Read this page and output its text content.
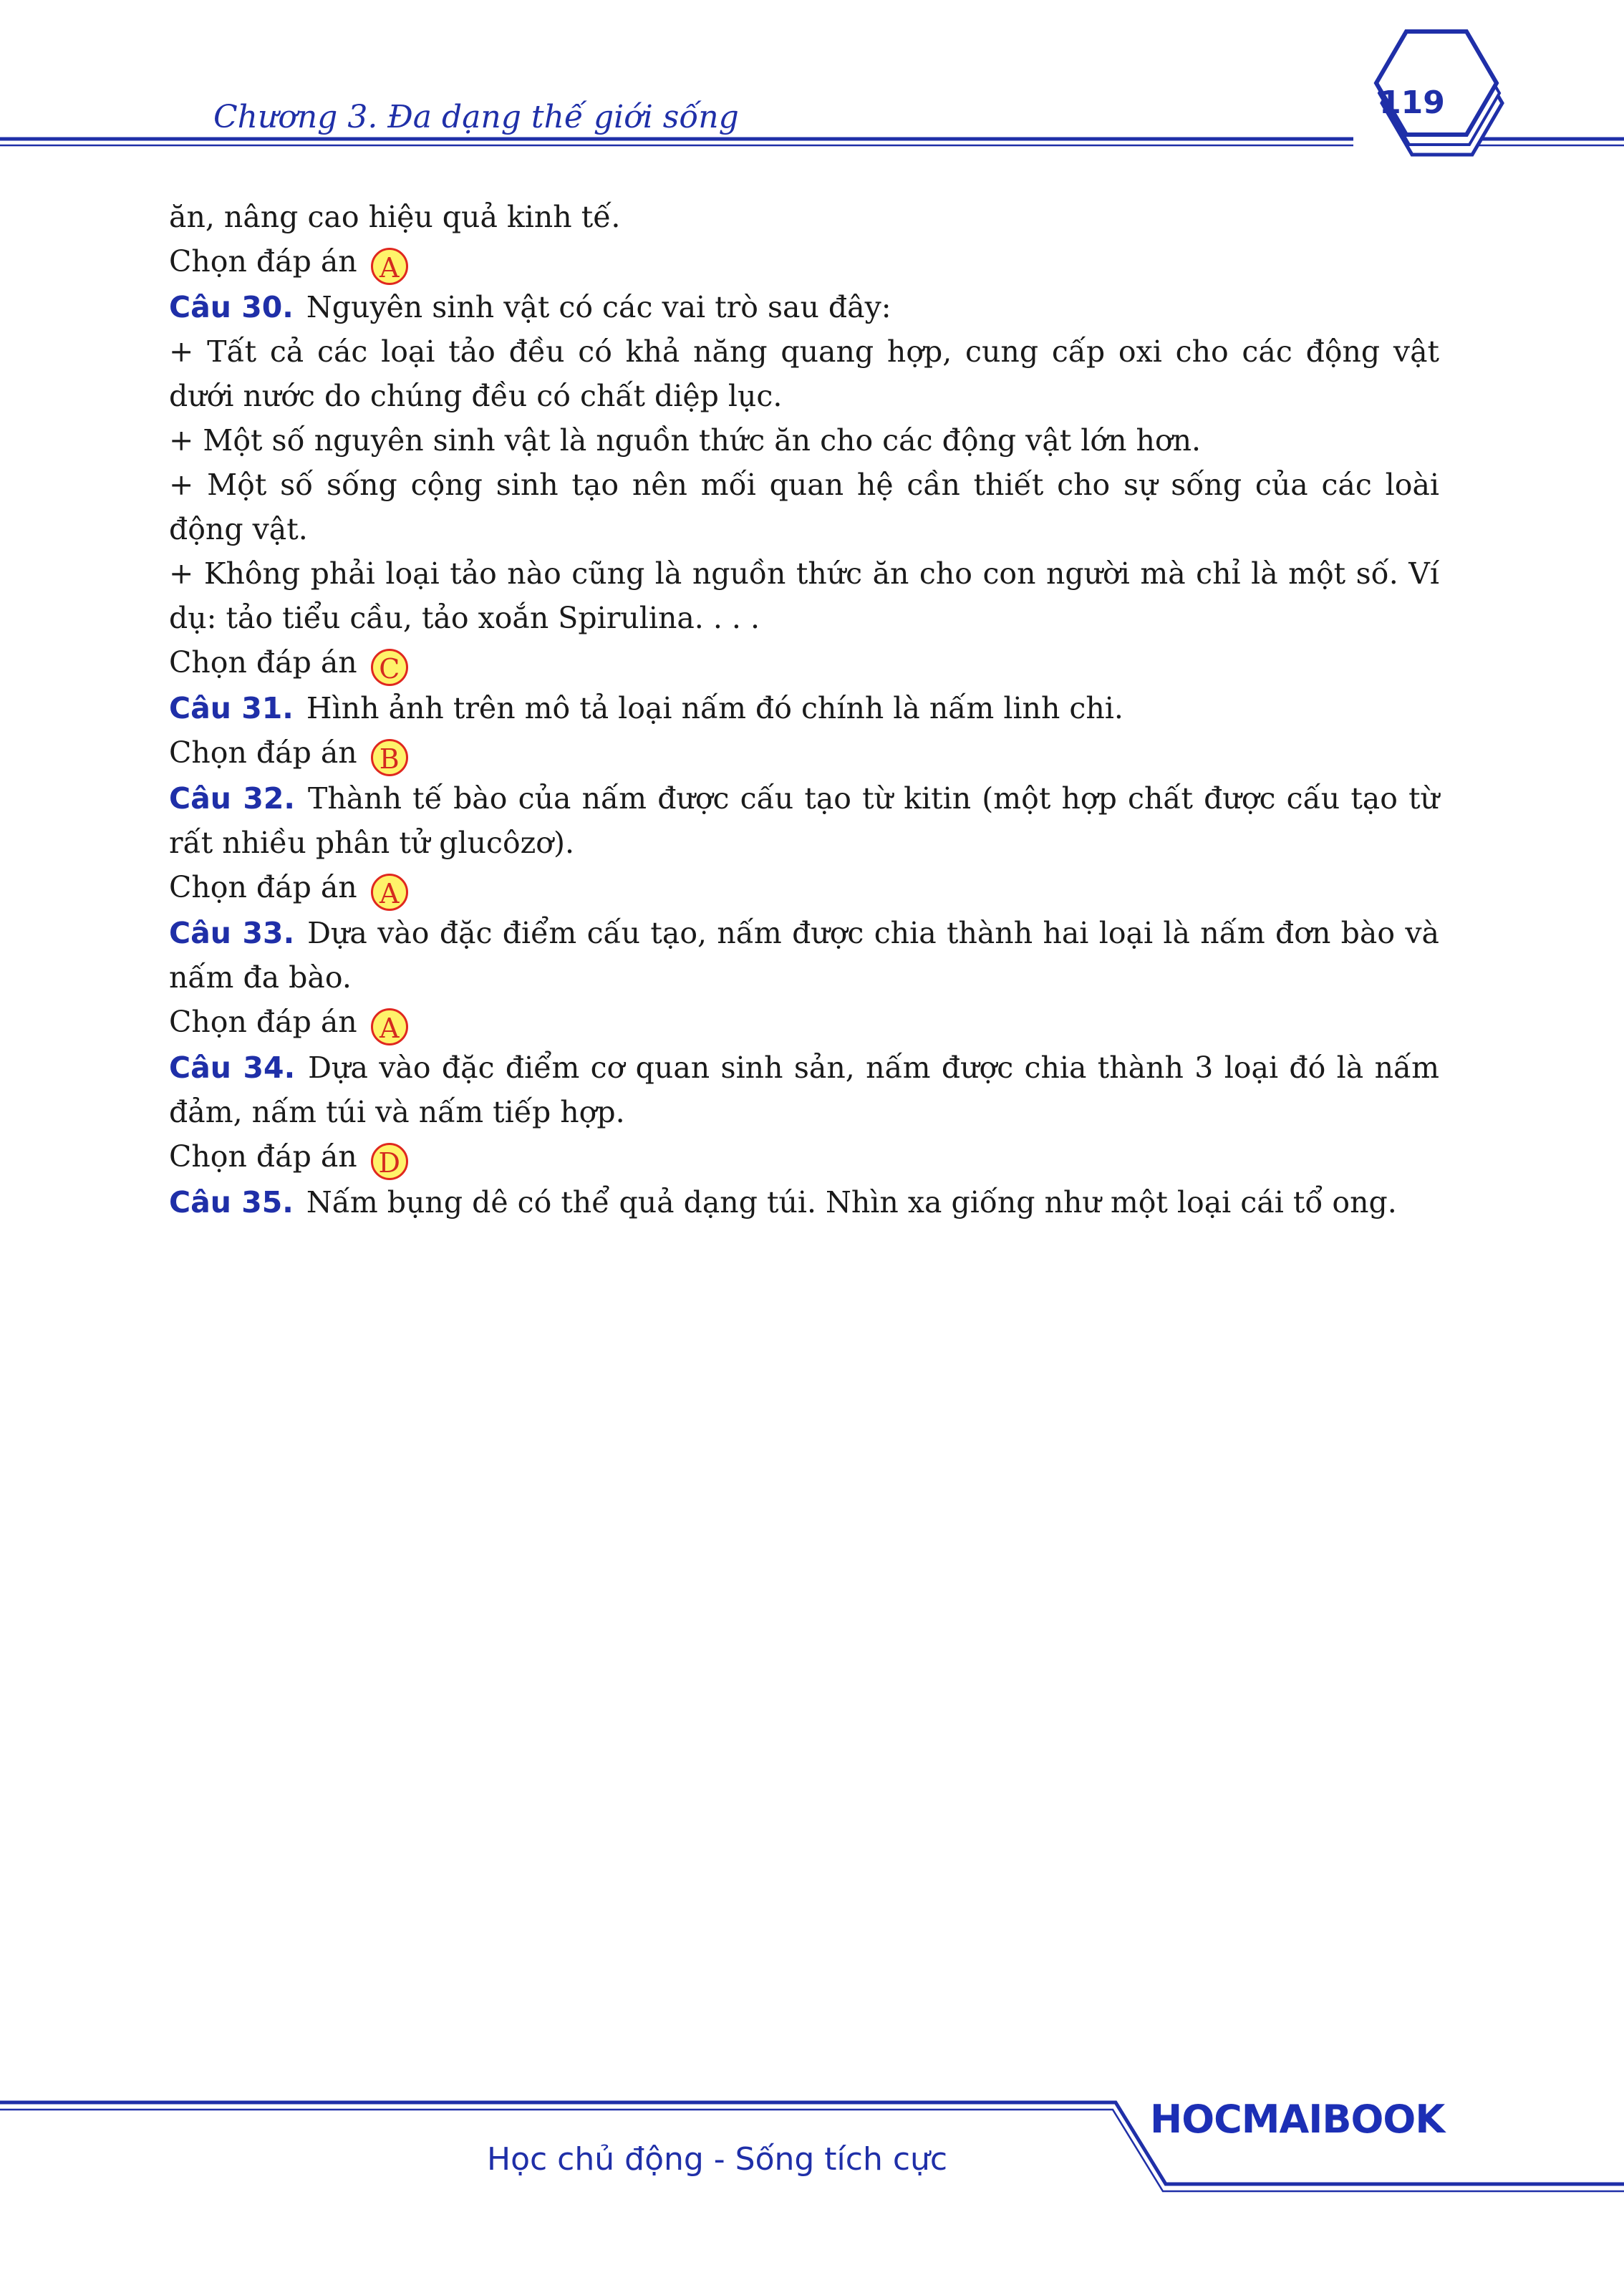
Chương 3. Đa dạng thế giới sống	119

ăn, nâng cao hiệu quả kinh tế.

Chọn đáp án A

Câu 30. Nguyên sinh vật có các vai trò sau đây:

+ Tất cả các loại tảo đều có khả năng quang hợp, cung cấp oxi cho các động vật dưới nước do chúng đều có chất diệp lục.

+ Một số nguyên sinh vật là nguồn thức ăn cho các động vật lớn hơn.

+ Một số sống cộng sinh tạo nên mối quan hệ cần thiết cho sự sống của các loài động vật.

+ Không phải loại tảo nào cũng là nguồn thức ăn cho con người mà chỉ là một số. Ví dụ: tảo tiểu cầu, tảo xoắn Spirulina. . . .

Chọn đáp án C

Câu 31. Hình ảnh trên mô tả loại nấm đó chính là nấm linh chi.

Chọn đáp án B

Câu 32. Thành tế bào của nấm được cấu tạo từ kitin (một hợp chất được cấu tạo từ rất nhiều phân tử glucôzơ).

Chọn đáp án A

Câu 33. Dựa vào đặc điểm cấu tạo, nấm được chia thành hai loại là nấm đơn bào và nấm đa bào.

Chọn đáp án A

Câu 34. Dựa vào đặc điểm cơ quan sinh sản, nấm được chia thành 3 loại đó là nấm đảm, nấm túi và nấm tiếp hợp.

Chọn đáp án D

Câu 35. Nấm bụng dê có thể quả dạng túi. Nhìn xa giống như một loại cái tổ ong.

HOCMAIBOOK
Học chủ động - Sống tích cực
